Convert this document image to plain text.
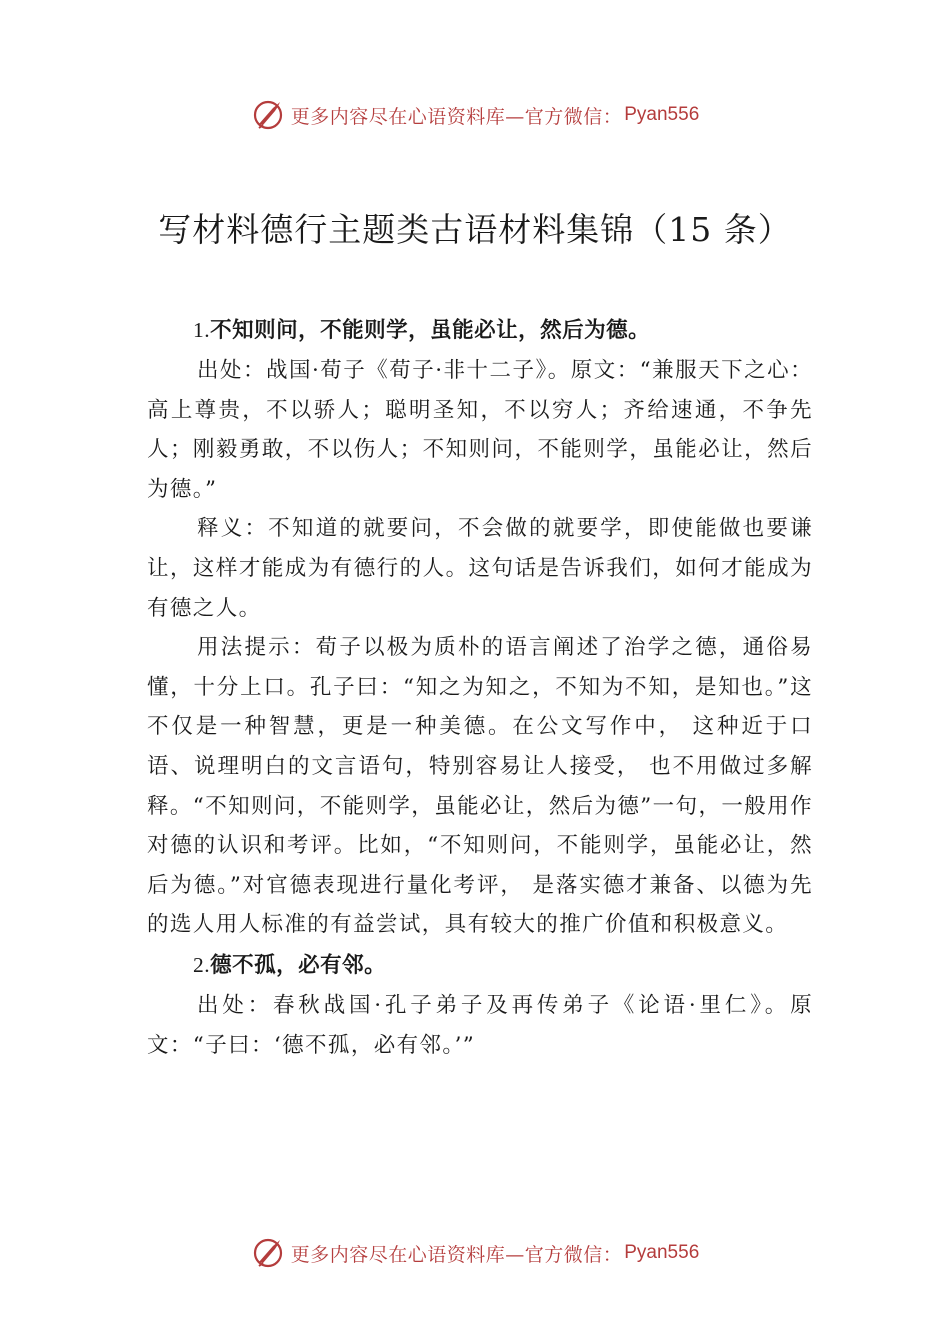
更多内容尽在心语资料库—官方微信： Pyan556
写材料德行主题类古语材料集锦（15 条）
1.不知则问，不能则学，虽能必让，然后为德。

出处：战国·荀子《荀子·非十二子》。原文：“兼服天下之心：高上尊贵，不以骄人；聪明圣知，不以穷人；齐给速通，不争先人；刚毅勇敢，不以伤人；不知则问，不能则学，虽能必让，然后为德。”

释义：不知道的就要问，不会做的就要学，即使能做也要谦让，这样才能成为有德行的人。这句话是告诉我们，如何才能成为有德之人。

用法提示：荀子以极为质朴的语言阐述了治学之德，通俗易懂，十分上口。孔子曰：“知之为知之，不知为不知，是知也。”这不仅是一种智慧，更是一种美德。在公文写作中， 这种近于口语、说理明白的文言语句，特别容易让人接受， 也不用做过多解释。“不知则问，不能则学，虽能必让，然后为德”一句，一般用作对德的认识和考评。比如，“不知则问，不能则学，虽能必让，然后为德。”对官德表现进行量化考评， 是落实德才兼备、以德为先的选人用人标准的有益尝试，具有较大的推广价值和积极意义。

2.德不孤，必有邻。

出处：春秋战国·孔子弟子及再传弟子《论语·里仁》。原文：“子曰：‘德不孤，必有邻。’”

更多内容尽在心语资料库—官方微信： Pyan556
